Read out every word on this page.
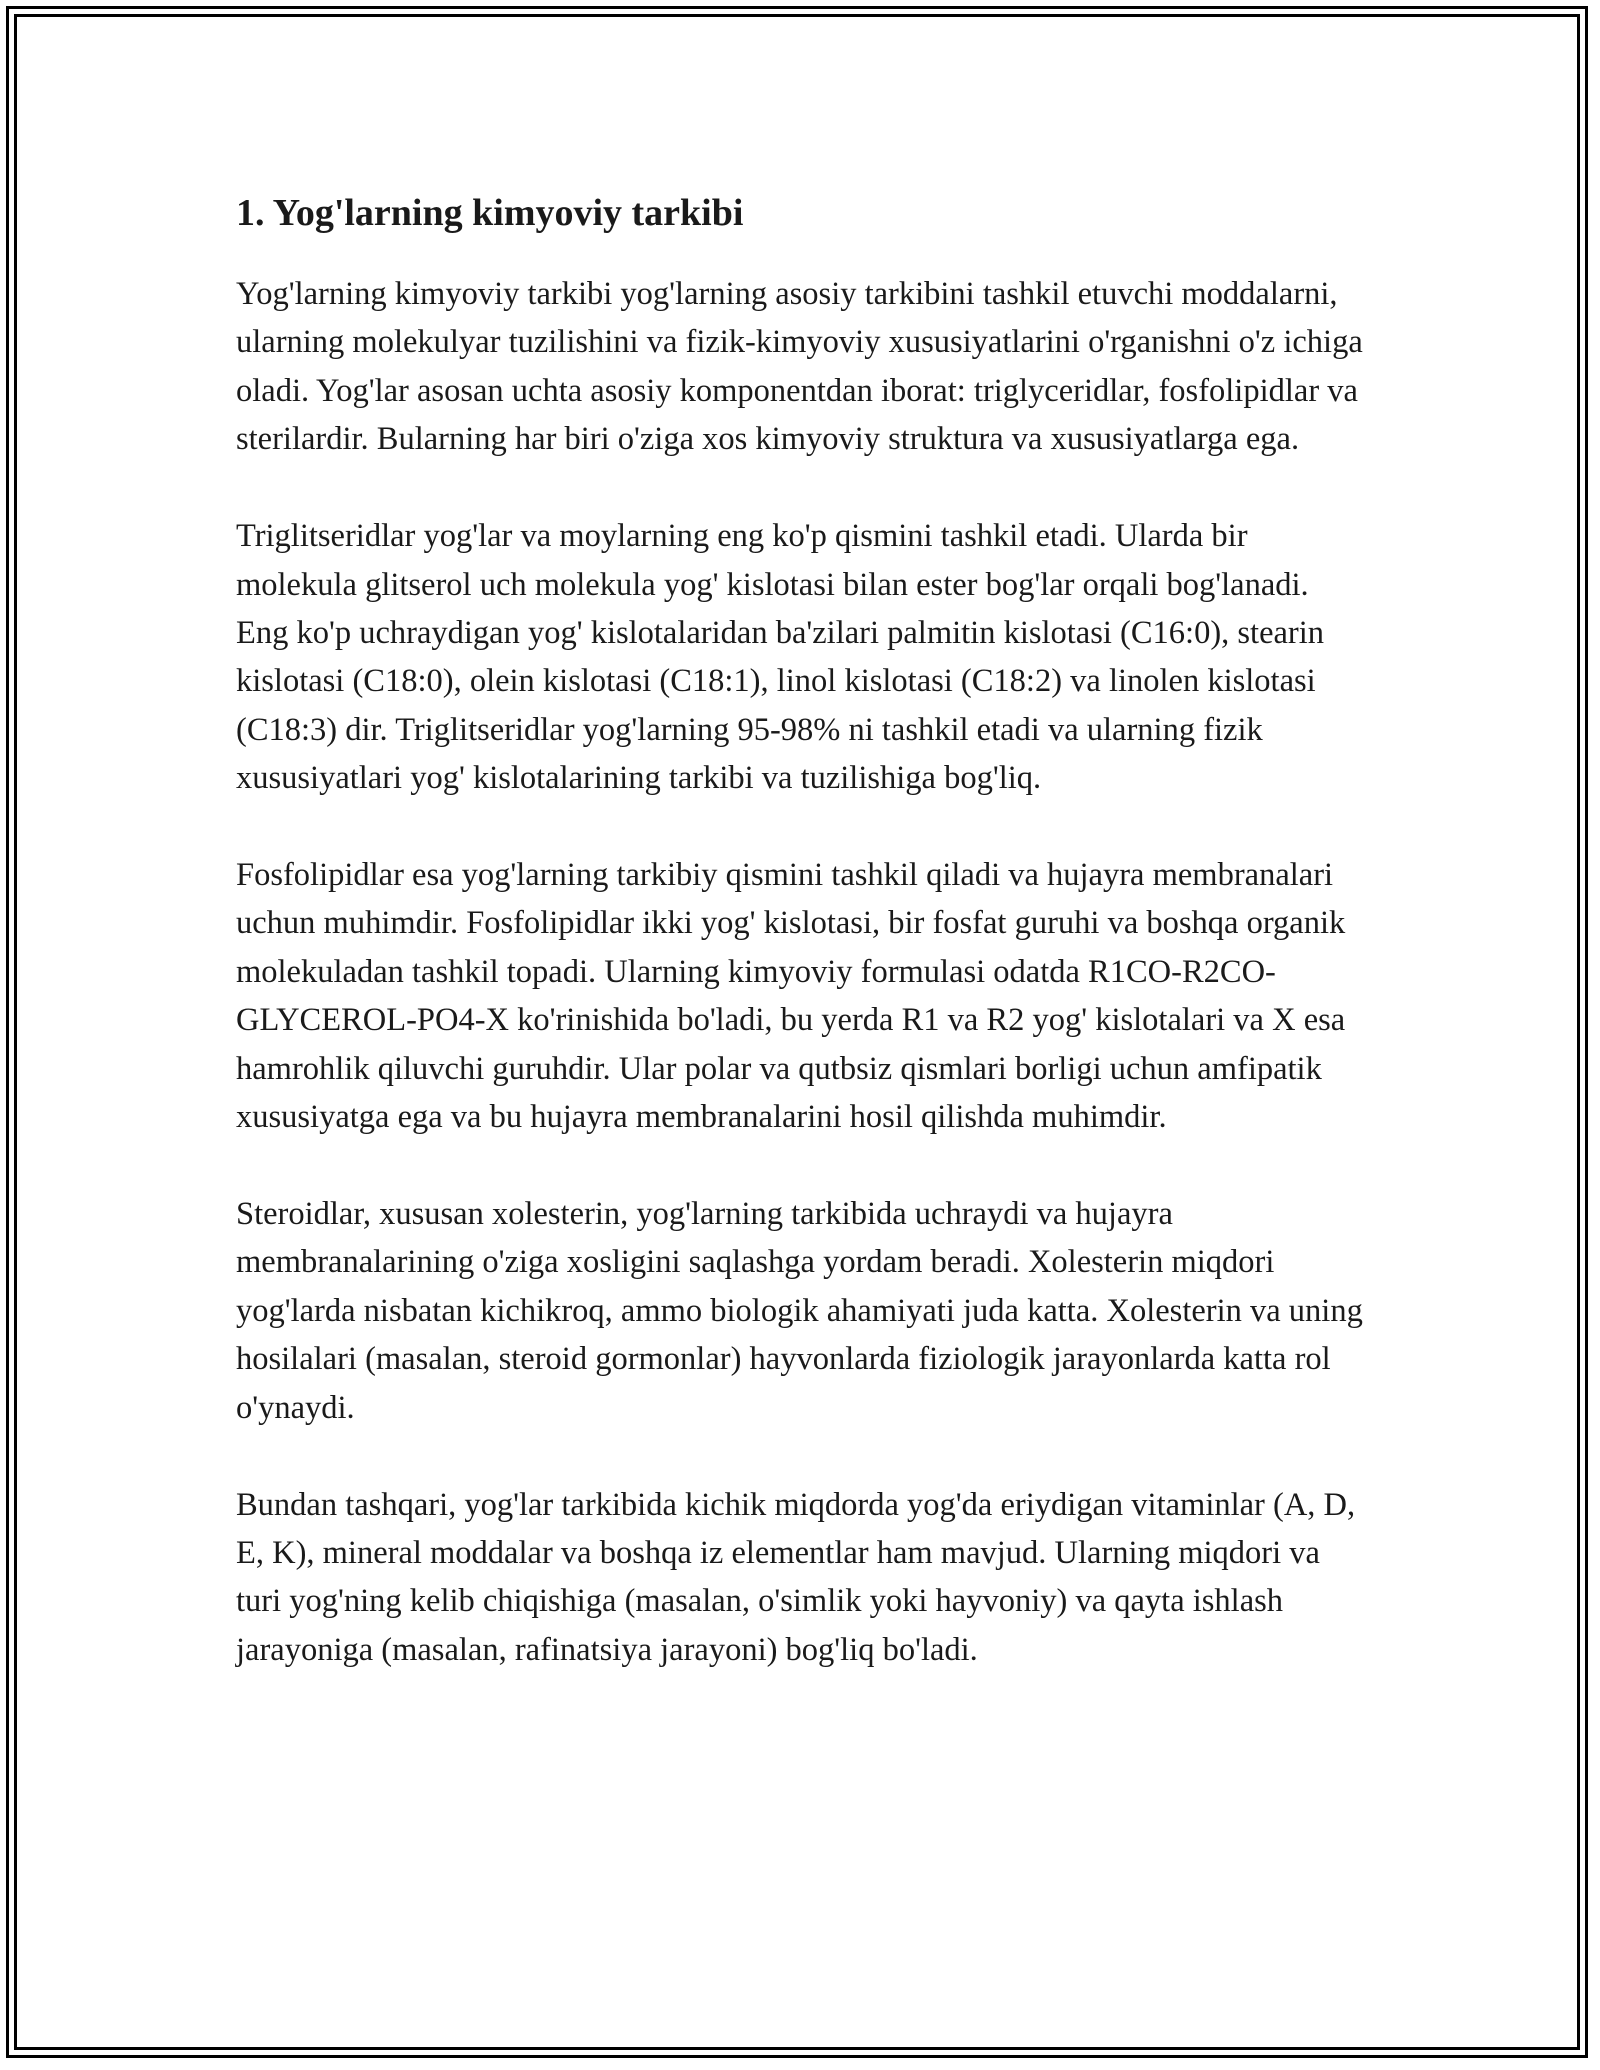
1. Yog'larning kimyoviy tarkibi

Yog'larning kimyoviy tarkibi yog'larning asosiy tarkibini tashkil etuvchi moddalarni, ularning molekulyar tuzilishini va fizik-kimyoviy xususiyatlarini o'rganishni o'z ichiga oladi. Yog'lar asosan uchta asosiy komponentdan iborat: triglyceridlar, fosfolipidlar va sterilardir. Bularning har biri o'ziga xos kimyoviy struktura va xususiyatlarga ega.

Triglitseridlar yog'lar va moylarning eng ko'p qismini tashkil etadi. Ularda bir molekula glitserol uch molekula yog' kislotasi bilan ester bog'lar orqali bog'lanadi. Eng ko'p uchraydigan yog' kislotalaridan ba'zilari palmitin kislotasi (C16:0), stearin kislotasi (C18:0), olein kislotasi (C18:1), linol kislotasi (C18:2) va linolen kislotasi (C18:3) dir. Triglitseridlar yog'larning 95-98% ni tashkil etadi va ularning fizik xususiyatlari yog' kislotalarining tarkibi va tuzilishiga bog'liq.

Fosfolipidlar esa yog'larning tarkibiy qismini tashkil qiladi va hujayra membranalari uchun muhimdir. Fosfolipidlar ikki yog' kislotasi, bir fosfat guruhi va boshqa organik molekuladan tashkil topadi. Ularning kimyoviy formulasi odatda R1CO-R2CO-GLYCEROL-PO4-X ko'rinishida bo'ladi, bu yerda R1 va R2 yog' kislotalari va X esa hamrohlik qiluvchi guruhdir. Ular polar va qutbsiz qismlari borligi uchun amfipatik xususiyatga ega va bu hujayra membranalarini hosil qilishda muhimdir.

Steroidlar, xususan xolesterin, yog'larning tarkibida uchraydi va hujayra membranalarining o'ziga xosligini saqlashga yordam beradi. Xolesterin miqdori yog'larda nisbatan kichikroq, ammo biologik ahamiyati juda katta. Xolesterin va uning hosilalari (masalan, steroid gormonlar) hayvonlarda fiziologik jarayonlarda katta rol o'ynaydi.

Bundan tashqari, yog'lar tarkibida kichik miqdorda yog'da eriydigan vitaminlar (A, D, E, K), mineral moddalar va boshqa iz elementlar ham mavjud. Ularning miqdori va turi yog'ning kelib chiqishiga (masalan, o'simlik yoki hayvoniy) va qayta ishlash jarayoniga (masalan, rafinatsiya jarayoni) bog'liq bo'ladi.
